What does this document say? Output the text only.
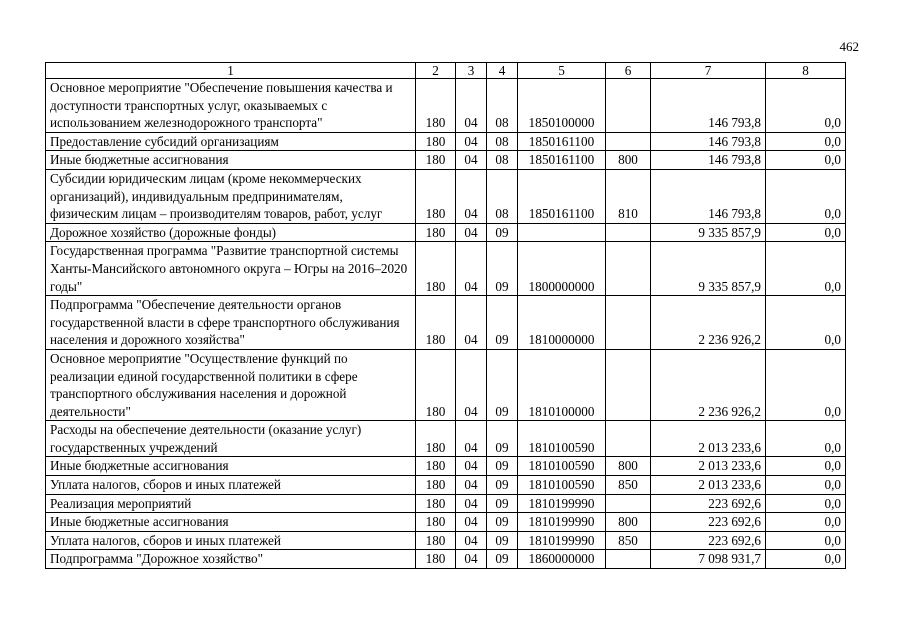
462
1	2	3	4	5	6	7	8
Основное мероприятие "Обеспечение повышения качества и доступности транспортных услуг, оказываемых с использованием железнодорожного транспорта"	180	04	08	1850100000		146 793,8	0,0
Предоставление субсидий организациям	180	04	08	1850161100		146 793,8	0,0
Иные бюджетные ассигнования	180	04	08	1850161100	800	146 793,8	0,0
Субсидии юридическим лицам (кроме некоммерческих организаций), индивидуальным предпринимателям, физическим лицам – производителям товаров, работ, услуг	180	04	08	1850161100	810	146 793,8	0,0
Дорожное хозяйство (дорожные фонды)	180	04	09			9 335 857,9	0,0
Государственная программа "Развитие транспортной системы Ханты-Мансийского автономного округа – Югры на 2016–2020 годы"	180	04	09	1800000000		9 335 857,9	0,0
Подпрограмма "Обеспечение деятельности органов государственной власти в сфере транспортного обслуживания населения и дорожного хозяйства"	180	04	09	1810000000		2 236 926,2	0,0
Основное мероприятие "Осуществление функций по реализации единой государственной политики в сфере транспортного обслуживания населения и дорожной деятельности"	180	04	09	1810100000		2 236 926,2	0,0
Расходы на обеспечение деятельности (оказание услуг) государственных учреждений	180	04	09	1810100590		2 013 233,6	0,0
Иные бюджетные ассигнования	180	04	09	1810100590	800	2 013 233,6	0,0
Уплата налогов, сборов и иных платежей	180	04	09	1810100590	850	2 013 233,6	0,0
Реализация мероприятий	180	04	09	1810199990		223 692,6	0,0
Иные бюджетные ассигнования	180	04	09	1810199990	800	223 692,6	0,0
Уплата налогов, сборов и иных платежей	180	04	09	1810199990	850	223 692,6	0,0
Подпрограмма "Дорожное хозяйство"	180	04	09	1860000000		7 098 931,7	0,0
